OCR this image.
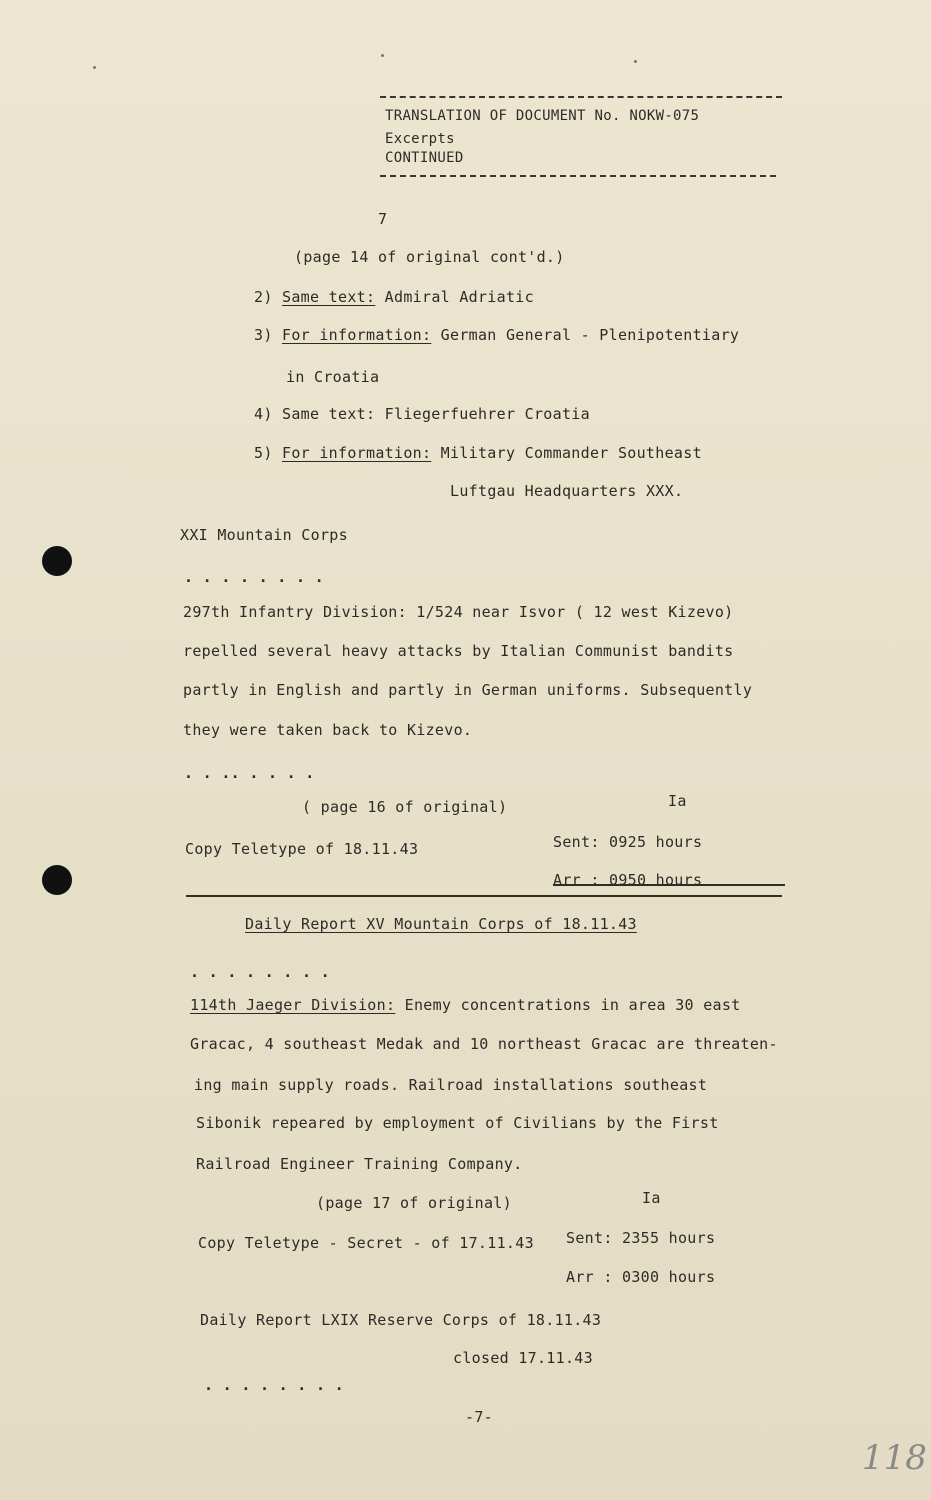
TRANSLATION OF DOCUMENT No. NOKW-075
Excerpts
CONTINUED
7
(page 14 of original cont'd.)
2) Same text: Admiral Adriatic
3) For information: German General - Plenipotentiary
in Croatia
4) Same text: Fliegerfuehrer Croatia
5) For information: Military Commander Southeast
Luftgau Headquarters XXX.
XXI Mountain Corps
. . . . . . . .
297th Infantry Division: 1/524 near Isvor ( 12 west Kizevo)
repelled several heavy attacks by Italian Communist bandits
partly in English and partly in German uniforms. Subsequently
they were taken back to Kizevo.
. . .. . . . .
( page 16 of original)	Ia
Copy Teletype of 18.11.43	Sent: 0925 hours
Arr : 0950 hours
Daily Report XV Mountain Corps of 18.11.43
. . . . . . . .
114th Jaeger Division: Enemy concentrations in area 30 east
Gracac, 4 southeast Medak and 10 northeast Gracac are threaten-
ing main supply roads. Railroad installations southeast
Sibonik repeared by employment of Civilians by the First
Railroad Engineer Training Company.
(page 17 of original)	Ia
Copy Teletype - Secret - of 17.11.43 Sent: 2355 hours
Arr : 0300 hours
Daily Report LXIX Reserve Corps of 18.11.43
closed 17.11.43
. . . . . . . .
-7-
118
